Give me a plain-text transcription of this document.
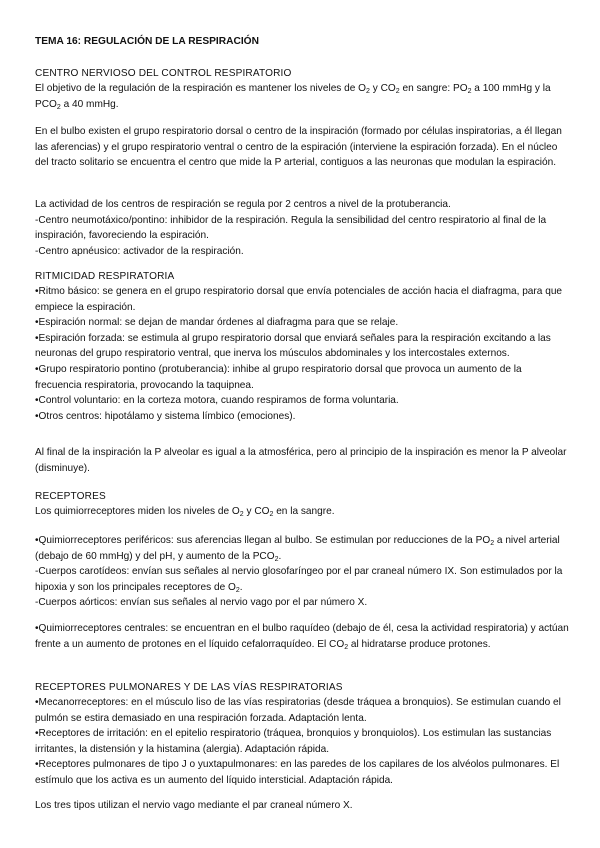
TEMA 16: REGULACIÓN DE LA RESPIRACIÓN
CENTRO NERVIOSO DEL CONTROL RESPIRATORIO
El objetivo de la regulación de la respiración es mantener los niveles de $O_2$ y $CO_2$ en sangre: $PO_2$ a 100 mmHg y la $PCO_2$ a 40 mmHg.
En el bulbo existen el grupo respiratorio dorsal o centro de la inspiración (formado por células inspiratorias, a él llegan las aferencias) y el grupo respiratorio ventral o centro de la espiración (interviene la espiración forzada). En el núcleo del tracto solitario se encuentra el centro que mide la P arterial, contiguos a las neuronas que modulan la espiración.
La actividad de los centros de respiración se regula por 2 centros a nivel de la protuberancia.
-Centro neumotáxico/pontino: inhibidor de la respiración. Regula la sensibilidad del centro respiratorio al final de la inspiración, favoreciendo la espiración.
-Centro apnéusico: activador de la respiración.
RITMICIDAD RESPIRATORIA
•Ritmo básico: se genera en el grupo respiratorio dorsal que envía potenciales de acción hacia el diafragma, para que empiece la espiración.
•Espiración normal: se dejan de mandar órdenes al diafragma para que se relaje.
•Espiración forzada: se estimula al grupo respiratorio dorsal que enviará señales para la respiración excitando a las neuronas del grupo respiratorio ventral, que inerva los músculos abdominales y los intercostales externos.
•Grupo respiratorio pontino (protuberancia): inhibe al grupo respiratorio dorsal que provoca un aumento de la frecuencia respiratoria, provocando la taquipnea.
•Control voluntario: en la corteza motora, cuando respiramos de forma voluntaria.
•Otros centros: hipotálamo y sistema límbico (emociones).
Al final de la inspiración la P alveolar es igual a la atmosférica, pero al principio de la inspiración es menor la P alveolar (disminuye).
RECEPTORES
Los quimiorreceptores miden los niveles de $O_2$ y $CO_2$ en la sangre.
•Quimiorreceptores periféricos: sus aferencias llegan al bulbo. Se estimulan por reducciones de la $PO_2$ a nivel arterial (debajo de 60 mmHg) y del pH, y aumento de la $PCO_2$.
-Cuerpos carotídeos: envían sus señales al nervio glosofaríngeo por el par craneal número IX. Son estimulados por la hipoxia y son los principales receptores de $O_2$.
-Cuerpos aórticos: envían sus señales al nervio vago por el par número X.
•Quimiorreceptores centrales: se encuentran en el bulbo raquídeo (debajo de él, cesa la actividad respiratoria) y actúan frente a un aumento de protones en el líquido cefalorraquídeo. El $CO_2$ al hidratarse produce protones.
RECEPTORES PULMONARES Y DE LAS VÍAS RESPIRATORIAS
•Mecanorreceptores: en el músculo liso de las vías respiratorias (desde tráquea a bronquios). Se estimulan cuando el pulmón se estira demasiado en una respiración forzada. Adaptación lenta.
•Receptores de irritación: en el epitelio respiratorio (tráquea, bronquios y bronquiolos). Los estimulan las sustancias irritantes, la distensión y la histamina (alergia). Adaptación rápida.
•Receptores pulmonares de tipo J o yuxtapulmonares: en las paredes de los capilares de los alvéolos pulmonares. El estímulo que los activa es un aumento del líquido intersticial. Adaptación rápida.
Los tres tipos utilizan el nervio vago mediante el par craneal número X.
